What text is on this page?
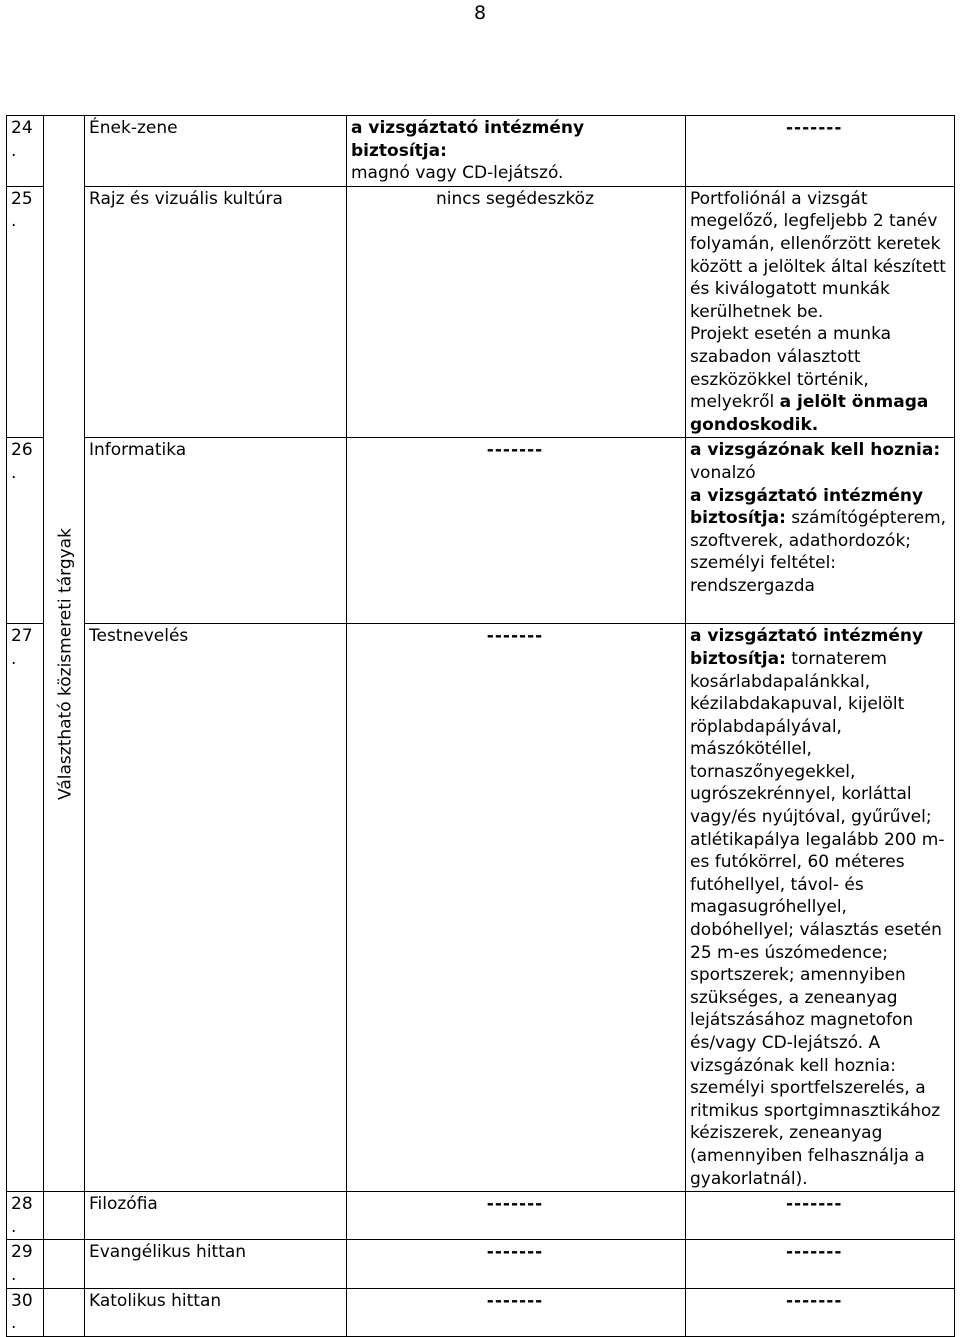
8
24.	Választható közismereti tárgyak	Ének-zene	a vizsgáztató intézmény biztosítja:
magnó vagy CD-lejátszó.	-------
25.		Rajz és vizuális kultúra	nincs segédeszköz	Portfoliónál a vizsgát megelőző, legfeljebb 2 tanév folyamán, ellenőrzött keretek között a jelöltek által készített és kiválogatott munkák kerülhetnek be.
Projekt esetén a munka szabadon választott eszközökkel történik, melyekről a jelölt önmaga gondoskodik.
26.		Informatika	-------	a vizsgázónak kell hoznia:
vonalzó
a vizsgáztató intézmény biztosítja: számítógépterem, szoftverek, adathordozók; személyi feltétel: rendszergazda
27.		Testnevelés	-------	a vizsgáztató intézmény biztosítja: tornaterem kosárlabdapalánkkal, kézilabdakapuval, kijelölt röplabdapályával, mászókötéllel, tornaszőnyegekkel, ugrószekrénnyel, korláttal vagy/és nyújtóval, gyűrűvel; atlétikapálya legalább 200 m-es futókörrel, 60 méteres futóhellyel, távol- és magasugróhellyel, dobóhellyel; választás esetén 25 m-es úszómedence; sportszerek; amennyiben szükséges, a zeneanyag lejátszásához magnetofon és/vagy CD-lejátszó. A vizsgázónak kell hoznia: személyi sportfelszerelés, a ritmikus sportgimnasztikához kéziszerek, zeneanyag (amennyiben felhasználja a gyakorlatnál).
28.		Filozófia	-------	-------
29.		Evangélikus hittan	-------	-------
30.		Katolikus hittan	-------	-------
